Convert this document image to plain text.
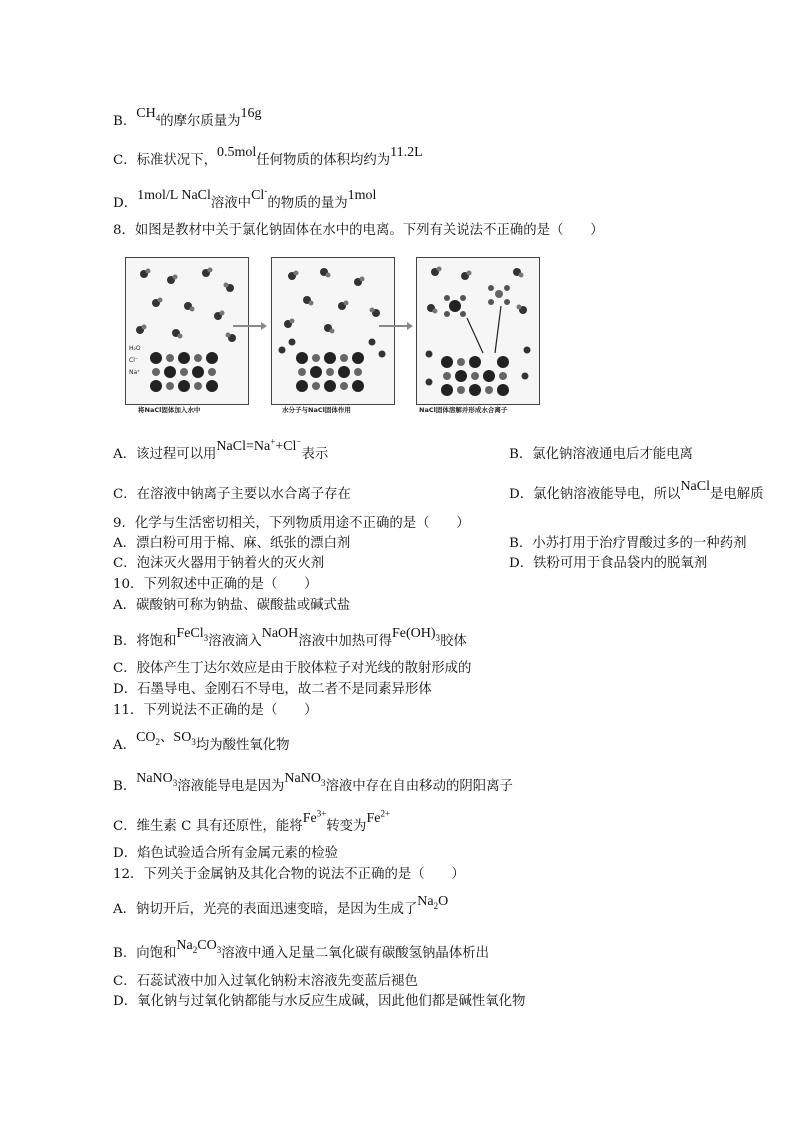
B．$CH_4$的摩尔质量为16g
C．标准状况下，0.5mol任何物质的体积均约为11.2L
D．1mol/L NaCl溶液中Cl-的物质的量为1mol
8．如图是教材中关于氯化钠固体在水中的电离。下列有关说法不正确的是（　　）
H₂O
Cl⁻
Na⁺
将NaCl固体加入水中	水分子与NaCl固体作用	NaCl固体溶解并形成水合离子
A．该过程可以用NaCl=Na++Cl−表示	B．氯化钠溶液通电后才能电离
C．在溶液中钠离子主要以水合离子存在	D．氯化钠溶液能导电，所以NaCl是电解质
9．化学与生活密切相关，下列物质用途不正确的是（　　）
A．漂白粉可用于棉、麻、纸张的漂白剂	B．小苏打用于治疗胃酸过多的一种药剂
C．泡沫灭火器用于钠着火的灭火剂	D．铁粉可用于食品袋内的脱氧剂
10．下列叙述中正确的是（　　）
A．碳酸钠可称为钠盐、碳酸盐或碱式盐
B．将饱和FeCl$_3$溶液滴入NaOH溶液中加热可得$Fe(OH)_3$胶体
C．胶体产生丁达尔效应是由于胶体粒子对光线的散射形成的
D．石墨导电、金刚石不导电，故二者不是同素异形体
11．下列说法不正确的是（　　）
A．$CO_2$、$SO_3$均为酸性氧化物
B．NaNO$_3$溶液能导电是因为NaNO$_3$溶液中存在自由移动的阴阳离子
C．维生素 C 具有还原性，能将$Fe^{3+}$转变为$Fe^{2+}$
D．焰色试验适合所有金属元素的检验
12．下列关于金属钠及其化合物的说法不正确的是（　　）
A．钠切开后，光亮的表面迅速变暗，是因为生成了$Na_2O$
B．向饱和$Na_2CO_3$溶液中通入足量二氧化碳有碳酸氢钠晶体析出
C．石蕊试液中加入过氧化钠粉末溶液先变蓝后褪色
D．氧化钠与过氧化钠都能与水反应生成碱，因此他们都是碱性氧化物
